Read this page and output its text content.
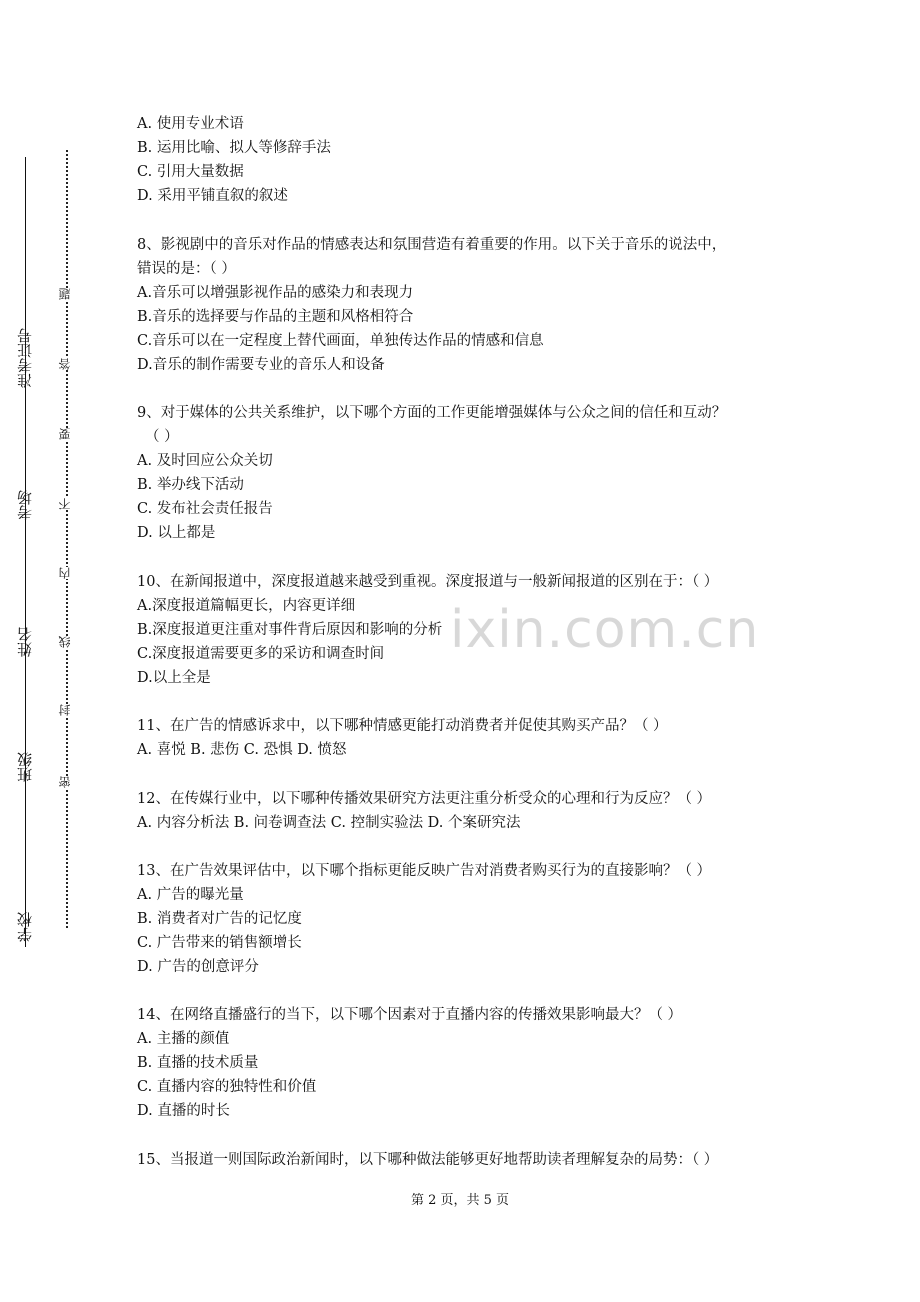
准考证号
考场
姓名
班级
学校
密
封
线
内
不
要
答
题
ixin.com.cn
A. 使用专业术语
B. 运用比喻、拟人等修辞手法
C. 引用大量数据
D. 采用平铺直叙的叙述
8、影视剧中的音乐对作品的情感表达和氛围营造有着重要的作用。以下关于音乐的说法中，
错误的是：（ ）
A.音乐可以增强影视作品的感染力和表现力
B.音乐的选择要与作品的主题和风格相符合
C.音乐可以在一定程度上替代画面，单独传达作品的情感和信息
D.音乐的制作需要专业的音乐人和设备
9、对于媒体的公共关系维护，以下哪个方面的工作更能增强媒体与公众之间的信任和互动？
（ ）
A. 及时回应公众关切
B. 举办线下活动
C. 发布社会责任报告
D. 以上都是
10、在新闻报道中，深度报道越来越受到重视。深度报道与一般新闻报道的区别在于：（ ）
A.深度报道篇幅更长，内容更详细
B.深度报道更注重对事件背后原因和影响的分析
C.深度报道需要更多的采访和调查时间
D.以上全是
11、在广告的情感诉求中，以下哪种情感更能打动消费者并促使其购买产品？（ ）
A. 喜悦 B. 悲伤 C. 恐惧 D. 愤怒
12、在传媒行业中，以下哪种传播效果研究方法更注重分析受众的心理和行为反应？（ ）
A. 内容分析法 B. 问卷调查法 C. 控制实验法 D. 个案研究法
13、在广告效果评估中，以下哪个指标更能反映广告对消费者购买行为的直接影响？（ ）
A. 广告的曝光量
B. 消费者对广告的记忆度
C. 广告带来的销售额增长
D. 广告的创意评分
14、在网络直播盛行的当下，以下哪个因素对于直播内容的传播效果影响最大？（ ）
A. 主播的颜值
B. 直播的技术质量
C. 直播内容的独特性和价值
D. 直播的时长
15、当报道一则国际政治新闻时，以下哪种做法能够更好地帮助读者理解复杂的局势：（ ）
第 2 页，共 5 页
